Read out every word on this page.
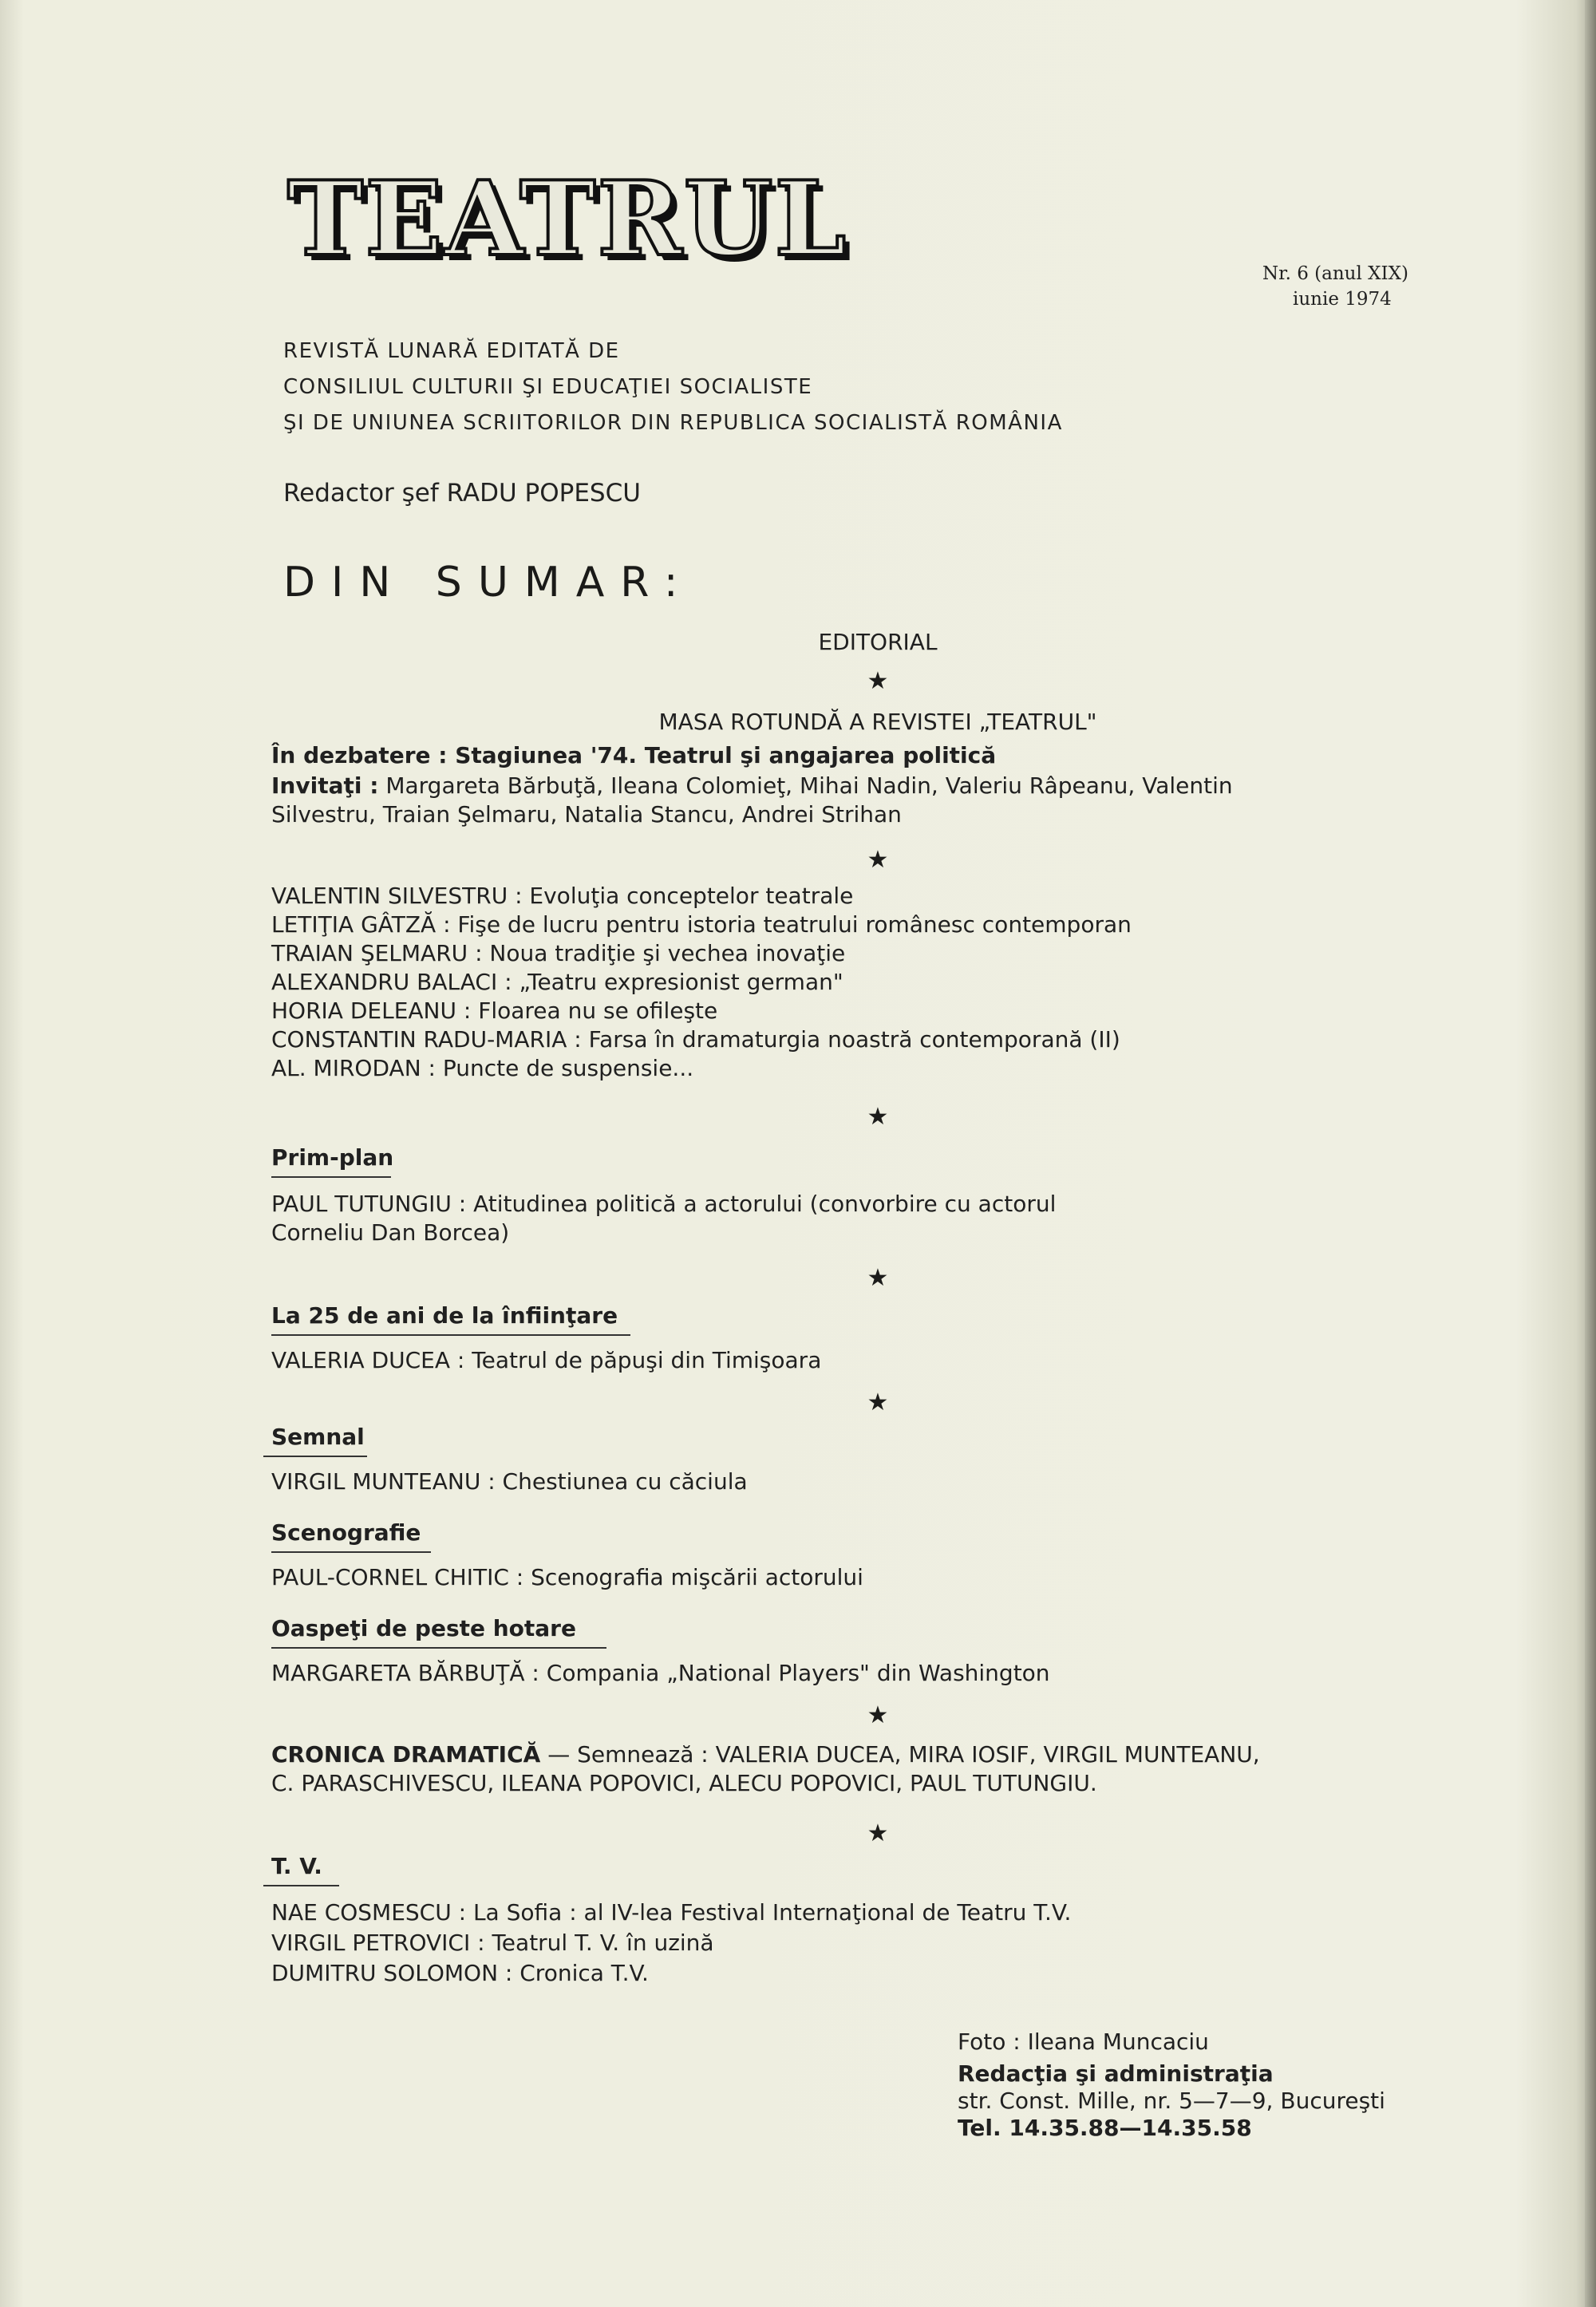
TEATRUL	Nr. 6 (anul XIX)

iunie 1974

REVISTĂ LUNARĂ EDITATĂ DE

CONSILIUL CULTURII ŞI EDUCAŢIEI SOCIALISTE

ŞI DE UNIUNEA SCRIITORILOR DIN REPUBLICA SOCIALISTĂ ROMÂNIA

Redactor şef RADU POPESCU

DIN SUMAR:

EDITORIAL

★

MASA ROTUNDĂ A REVISTEI „TEATRUL"

În dezbatere : Stagiunea '74. Teatrul şi angajarea politică

Invitaţi : Margareta Bărbuţă, Ileana Colomieţ, Mihai Nadin, Valeriu Râpeanu, Valentin

Silvestru, Traian Şelmaru, Natalia Stancu, Andrei Strihan

★

VALENTIN SILVESTRU : Evoluţia conceptelor teatrale

LETIŢIA GÂTZĂ : Fişe de lucru pentru istoria teatrului românesc contemporan

TRAIAN ŞELMARU : Noua tradiţie şi vechea inovaţie

ALEXANDRU BALACI : „Teatru expresionist german"

HORIA DELEANU : Floarea nu se ofileşte

CONSTANTIN RADU-MARIA : Farsa în dramaturgia noastră contemporană (II)

AL. MIRODAN : Puncte de suspensie...

★

Prim-plan

PAUL TUTUNGIU : Atitudinea politică a actorului (convorbire cu actorul

Corneliu Dan Borcea)

★

La 25 de ani de la înfiinţare

VALERIA DUCEA : Teatrul de păpuşi din Timişoara

★

Semnal

VIRGIL MUNTEANU : Chestiunea cu căciula

Scenografie

PAUL-CORNEL CHITIC : Scenografia mişcării actorului

Oaspeţi de peste hotare

MARGARETA BĂRBUŢĂ : Compania „National Players" din Washington

★

CRONICA DRAMATICĂ — Semnează : VALERIA DUCEA, MIRA IOSIF, VIRGIL MUNTEANU,

C. PARASCHIVESCU, ILEANA POPOVICI, ALECU POPOVICI, PAUL TUTUNGIU.

★

T. V.

NAE COSMESCU : La Sofia : al IV-lea Festival Internaţional de Teatru T.V.

VIRGIL PETROVICI : Teatrul T. V. în uzină

DUMITRU SOLOMON : Cronica T.V.

Foto : Ileana Muncaciu

Redacţia şi administraţia

str. Const. Mille, nr. 5—7—9, Bucureşti

Tel. 14.35.88—14.35.58
